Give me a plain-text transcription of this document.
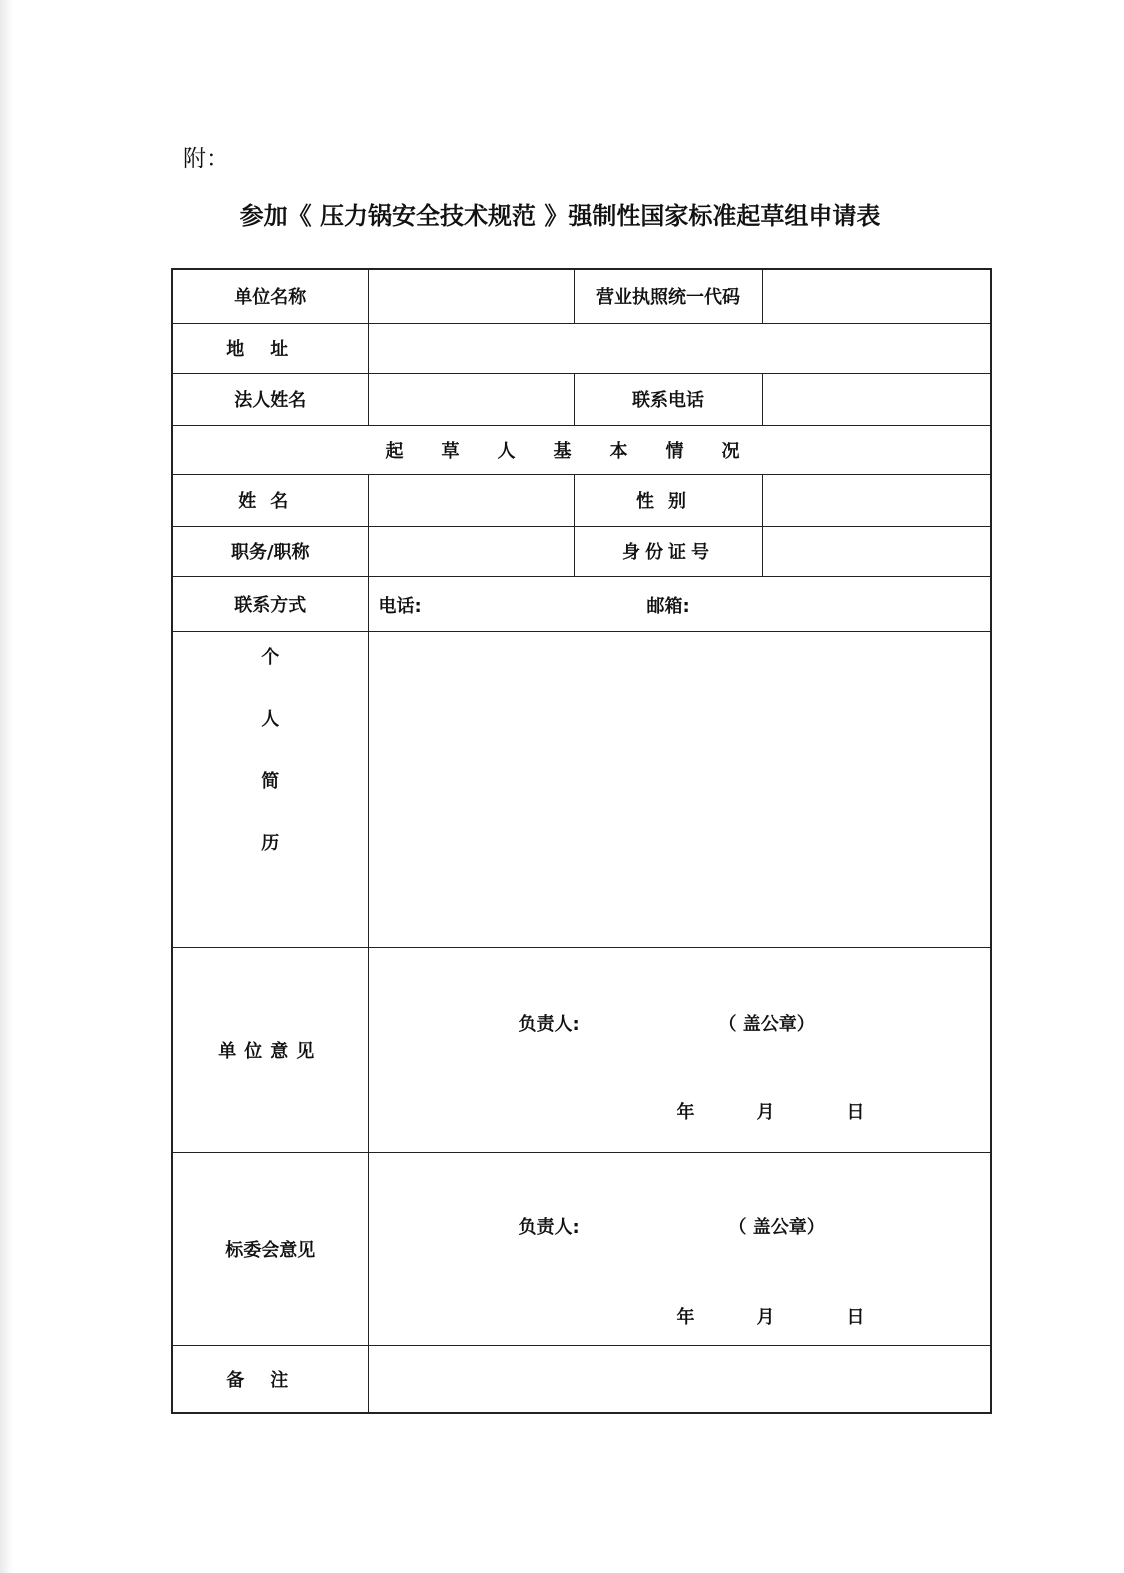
附：
参加《 压力锅安全技术规范 》强制性国家标准起草组申请表
单位名称		营业执照统一代码	
地址			
法人姓名		联系电话	
起草人基本情况			
姓名		性别	
职务/职称		身份证号	
联系方式	电话: 邮箱:		

个
人
简
历			

单位意见	负责人: （ 盖公章）
年 月 日		

标委会意见	负责人: （ 盖公章）
年 月 日		

备注			
